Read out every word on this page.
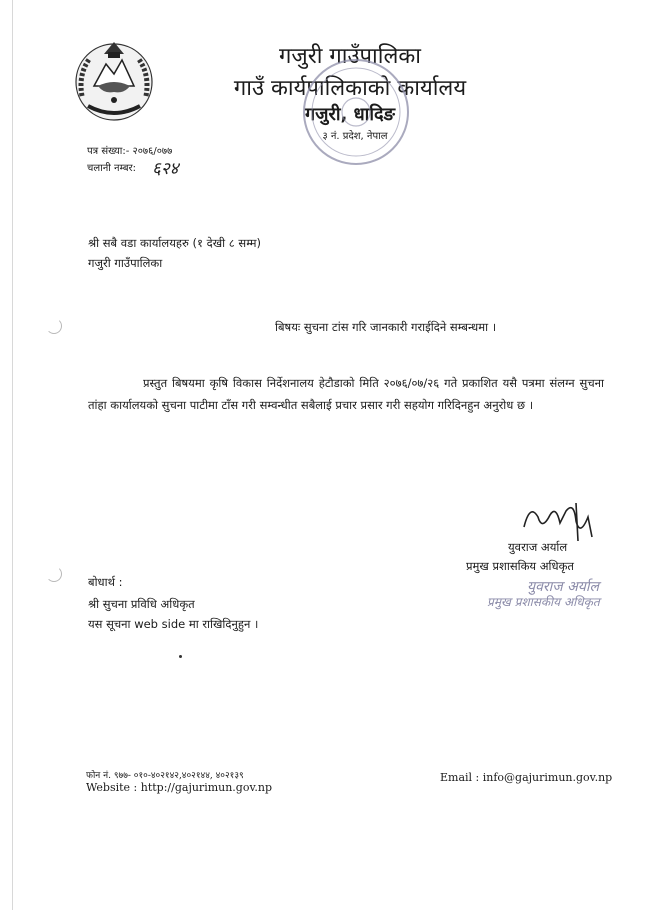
गजुरी गाउँपालिका
गाउँ कार्यपालिकाको कार्यालय
गजुरी, धादिङ
३ नं. प्रदेश, नेपाल
पत्र संख्या:- २०७६/०७७
चलानी नम्बर: ६२४
श्री सबै वडा कार्यालयहरु (१ देखी ८ सम्म)
गजुरी गाउँपालिका
बिषयः सुचना टांस गरि जानकारी गराईदिने सम्बन्धमा ।
प्रस्तुत बिषयमा कृषि विकास निर्देशनालय हेटौडाको मिति २०७६/०७/२६ गते प्रकाशित यसै पत्रमा संलग्न सुचना तांहा कार्यालयको सुचना पाटीमा टाँस गरी सम्वन्धीत सबैलाई प्रचार प्रसार गरी सहयोग गरिदिनहुन अनुरोध छ ।
युवराज अर्याल
प्रमुख प्रशासकिय अधिकृत
युवराज अर्याल
प्रमुख प्रशासकीय अधिकृत
बोधार्थ :
श्री सुचना प्रविधि अधिकृत
यस सूचना web side मा राखिदिनुहुन ।
फोन नं. ९७७- ०१०-४०२१४२,४०२१४४, ४०२१३९
Website : http://gajurimun.gov.np
Email : info@gajurimun.gov.np
